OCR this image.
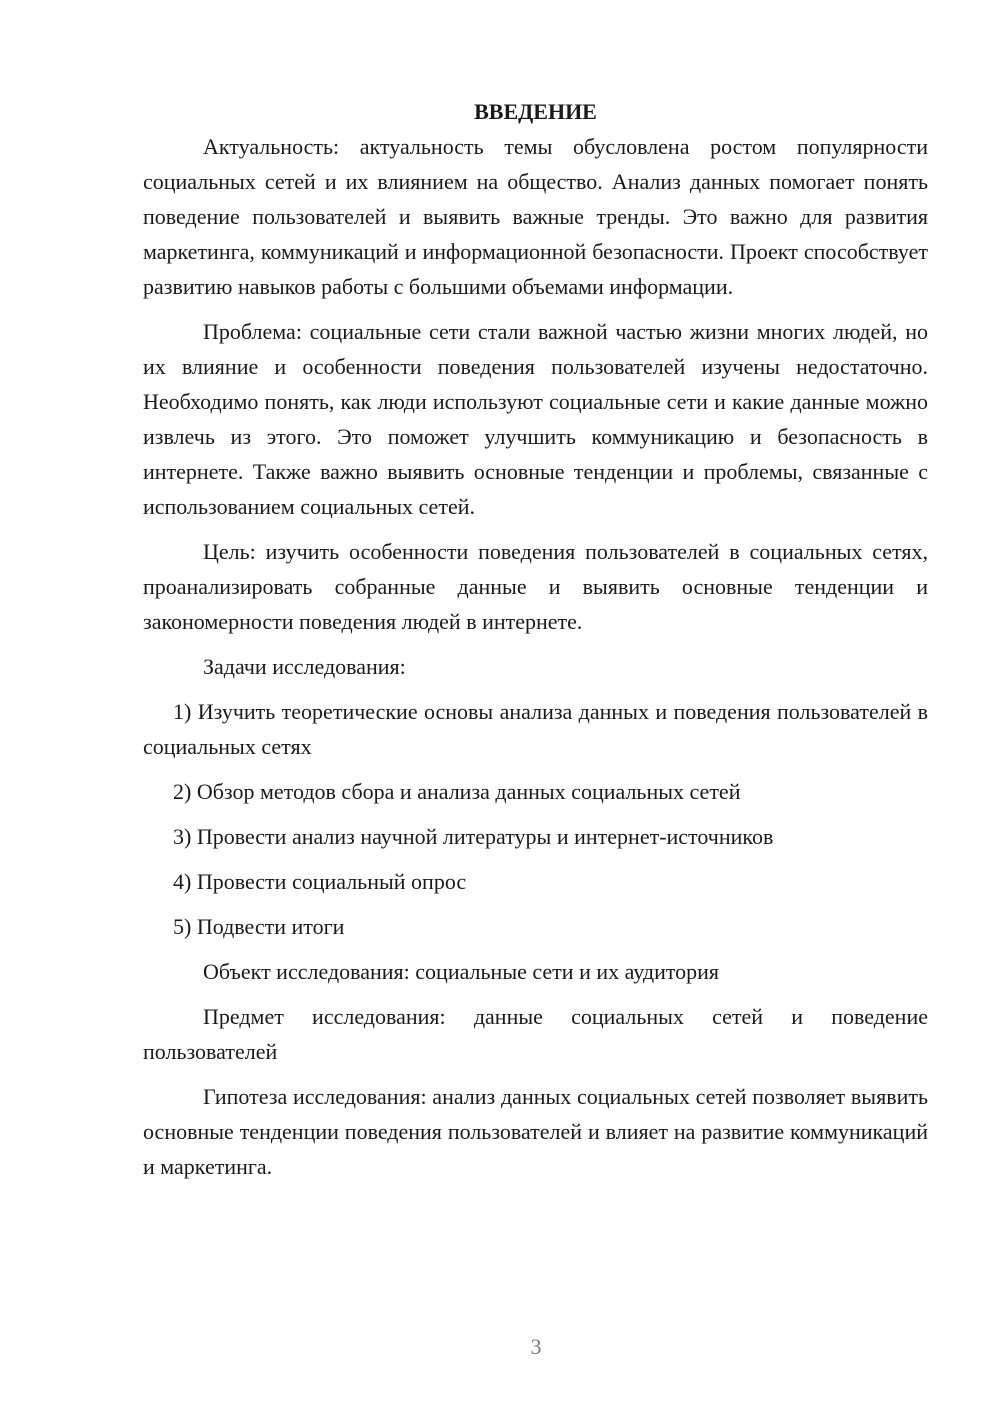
ВВЕДЕНИЕ

Актуальность: актуальность темы обусловлена ростом популярности социальных сетей и их влиянием на общество. Анализ данных помогает понять поведение пользователей и выявить важные тренды. Это важно для развития маркетинга, коммуникаций и информационной безопасности. Проект способствует развитию навыков работы с большими объемами информации.

Проблема: социальные сети стали важной частью жизни многих людей, но их влияние и особенности поведения пользователей изучены недостаточно. Необходимо понять, как люди используют социальные сети и какие данные можно извлечь из этого. Это поможет улучшить коммуникацию и безопасность в интернете. Также важно выявить основные тенденции и проблемы, связанные с использованием социальных сетей.

Цель: изучить особенности поведения пользователей в социальных сетях, проанализировать собранные данные и выявить основные тенденции и закономерности поведения людей в интернете.

Задачи исследования:

1) Изучить теоретические основы анализа данных и поведения пользователей в социальных сетях

2) Обзор методов сбора и анализа данных социальных сетей

3) Провести анализ научной литературы и интернет-источников

4) Провести социальный опрос

5) Подвести итоги

Объект исследования: социальные сети и их аудитория

Предмет исследования: данные социальных сетей и поведение пользователей

Гипотеза исследования: анализ данных социальных сетей позволяет выявить основные тенденции поведения пользователей и влияет на развитие коммуникаций и маркетинга.

3
